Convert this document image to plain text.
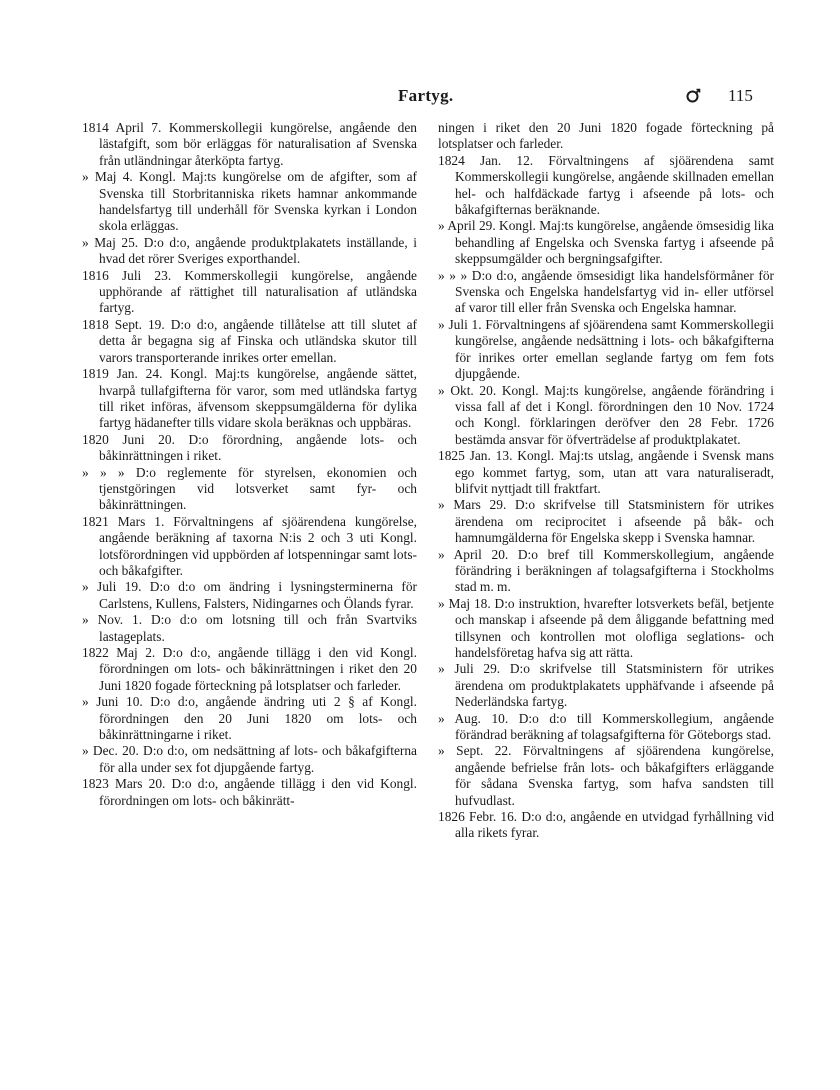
Fartyg.	115

1814 April 7. Kommerskollegii kungörelse, angående den lästafgift, som bör erläggas för naturalisation af Svenska från utländningar återköpta fartyg.

» Maj 4. Kongl. Maj:ts kungörelse om de afgifter, som af Svenska till Storbritanniska rikets hamnar ankommande handelsfartyg till underhåll för Svenska kyrkan i London skola erläggas.

» Maj 25. D:o d:o, angående produktplakatets inställande, i hvad det rörer Sveriges exporthandel.

1816 Juli 23. Kommerskollegii kungörelse, angående upphörande af rättighet till naturalisation af utländska fartyg.

1818 Sept. 19. D:o d:o, angående tillåtelse att till slutet af detta år begagna sig af Finska och utländska skutor till varors transporterande inrikes orter emellan.

1819 Jan. 24. Kongl. Maj:ts kungörelse, angående sättet, hvarpå tullafgifterna för varor, som med utländska fartyg till riket införas, äfvensom skeppsumgälderna för dylika fartyg hädanefter tills vidare skola beräknas och uppbäras.

1820 Juni 20. D:o förordning, angående lots- och båkinrättningen i riket.

» » » D:o reglemente för styrelsen, ekonomien och tjenstgöringen vid lotsverket samt fyr- och båkinrättningen.

1821 Mars 1. Förvaltningens af sjöärendena kungörelse, angående beräkning af taxorna N:is 2 och 3 uti Kongl. lotsförordningen vid uppbörden af lotspenningar samt lots- och båkafgifter.

» Juli 19. D:o d:o om ändring i lysningsterminerna för Carlstens, Kullens, Falsters, Nidingarnes och Ölands fyrar.

» Nov. 1. D:o d:o om lotsning till och från Svartviks lastageplats.

1822 Maj 2. D:o d:o, angående tillägg i den vid Kongl. förordningen om lots- och båkinrättningen i riket den 20 Juni 1820 fogade förteckning på lotsplatser och farleder.

» Juni 10. D:o d:o, angående ändring uti 2 § af Kongl. förordningen den 20 Juni 1820 om lots- och båkinrättningarne i riket.

» Dec. 20. D:o d:o, om nedsättning af lots- och båkafgifterna för alla under sex fot djupgående fartyg.

1823 Mars 20. D:o d:o, angående tillägg i den vid Kongl. förordningen om lots- och båkinrätt-

ningen i riket den 20 Juni 1820 fogade förteckning på lotsplatser och farleder.

1824 Jan. 12. Förvaltningens af sjöärendena samt Kommerskollegii kungörelse, angående skillnaden emellan hel- och halfdäckade fartyg i afseende på lots- och båkafgifternas beräknande.

» April 29. Kongl. Maj:ts kungörelse, angående ömsesidig lika behandling af Engelska och Svenska fartyg i afseende på skeppsumgälder och bergningsafgifter.

» » » D:o d:o, angående ömsesidigt lika handelsförmåner för Svenska och Engelska handelsfartyg vid in- eller utförsel af varor till eller från Svenska och Engelska hamnar.

» Juli 1. Förvaltningens af sjöärendena samt Kommerskollegii kungörelse, angående nedsättning i lots- och båkafgifterna för inrikes orter emellan seglande fartyg om fem fots djupgående.

» Okt. 20. Kongl. Maj:ts kungörelse, angående förändring i vissa fall af det i Kongl. förordningen den 10 Nov. 1724 och Kongl. förklaringen deröfver den 28 Febr. 1726 bestämda ansvar för öfverträdelse af produktplakatet.

1825 Jan. 13. Kongl. Maj:ts utslag, angående i Svensk mans ego kommet fartyg, som, utan att vara naturaliseradt, blifvit nyttjadt till fraktfart.

» Mars 29. D:o skrifvelse till Statsministern för utrikes ärendena om reciprocitet i afseende på båk- och hamnumgälderna för Engelska skepp i Svenska hamnar.

» April 20. D:o bref till Kommerskollegium, angående förändring i beräkningen af tolagsafgifterna i Stockholms stad m. m.

» Maj 18. D:o instruktion, hvarefter lotsverkets befäl, betjente och manskap i afseende på dem åliggande befattning med tillsynen och kontrollen mot olofliga seglations- och handelsföretag hafva sig att rätta.

» Juli 29. D:o skrifvelse till Statsministern för utrikes ärendena om produktplakatets upphäfvande i afseende på Nederländska fartyg.

» Aug. 10. D:o d:o till Kommerskollegium, angående förändrad beräkning af tolagsafgifterna för Göteborgs stad.

» Sept. 22. Förvaltningens af sjöärendena kungörelse, angående befrielse från lots- och båkafgifters erläggande för sådana Svenska fartyg, som hafva sandsten till hufvudlast.

1826 Febr. 16. D:o d:o, angående en utvidgad fyrhållning vid alla rikets fyrar.
